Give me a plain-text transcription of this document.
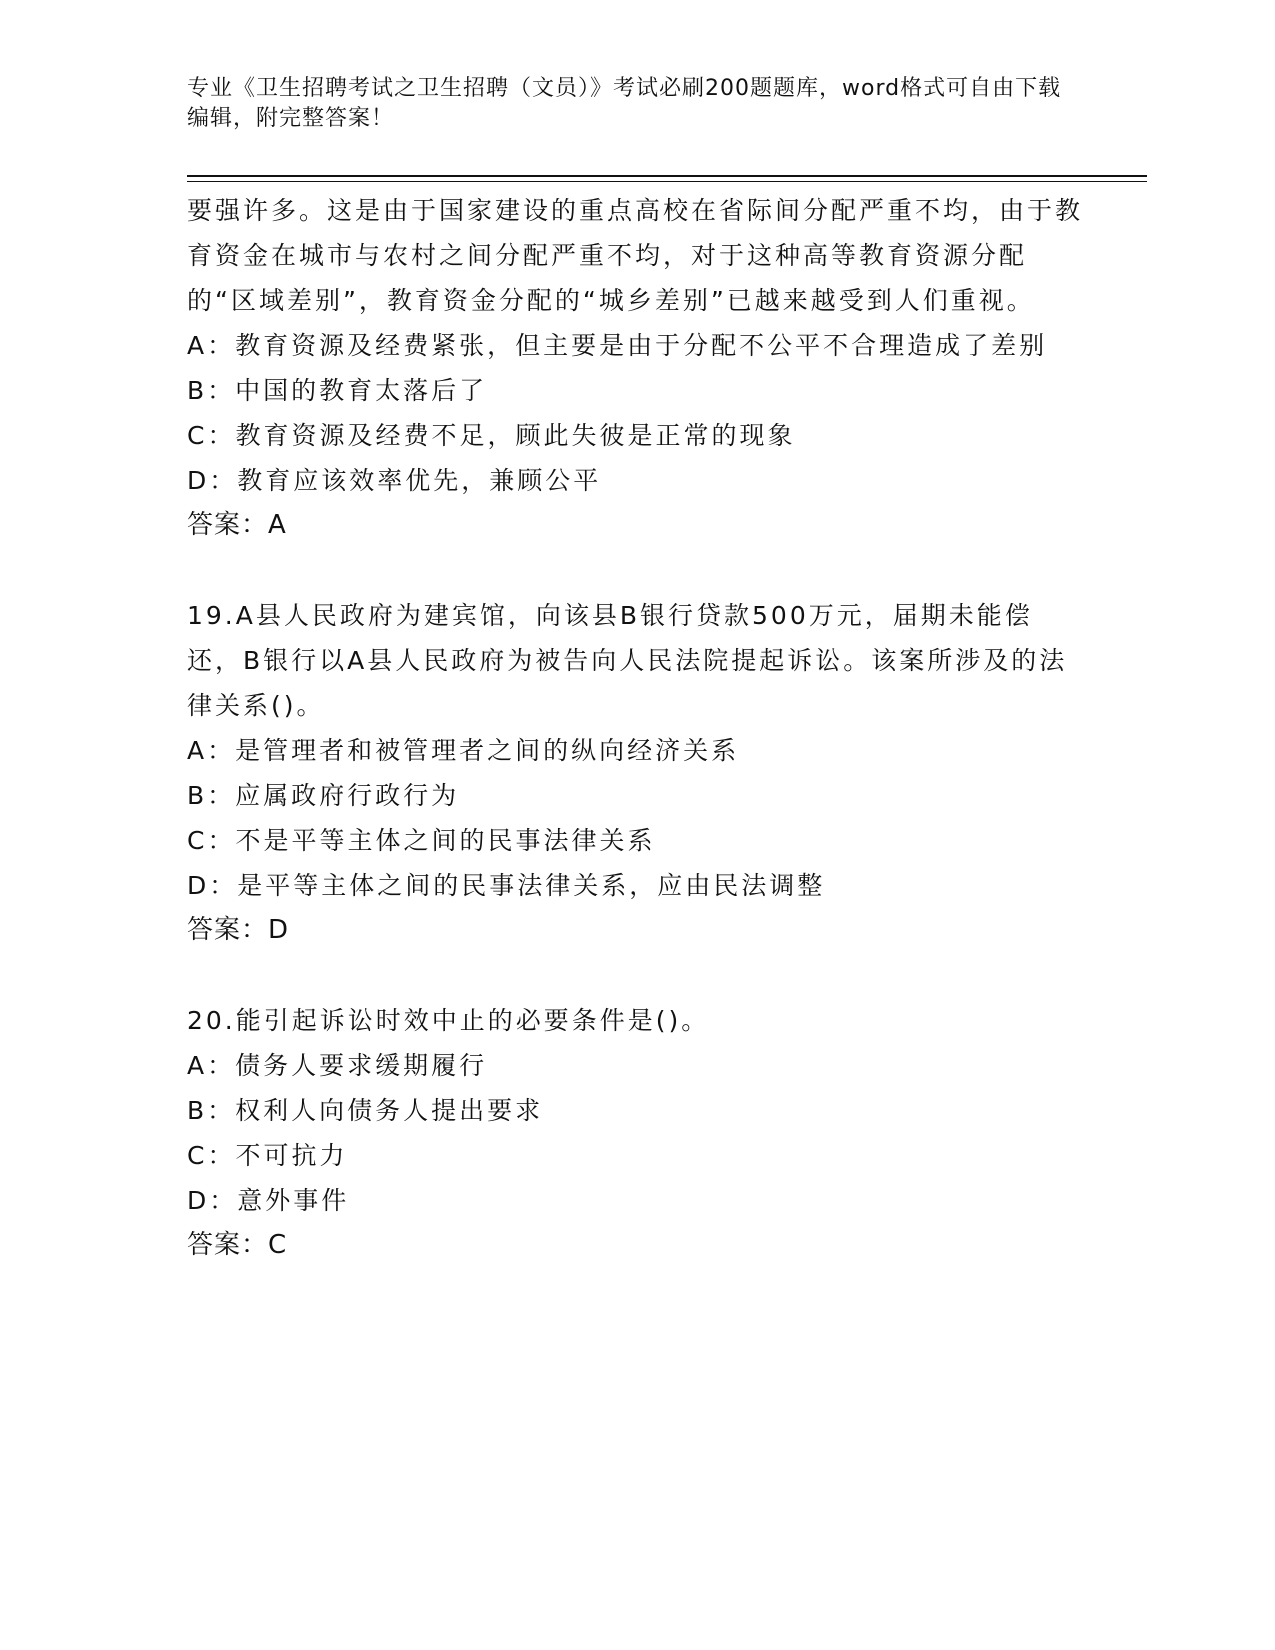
专业《卫生招聘考试之卫生招聘（文员）》考试必刷200题题库，word格式可自由下载编辑，附完整答案！

要强许多。这是由于国家建设的重点高校在省际间分配严重不均，由于教育资金在城市与农村之间分配严重不均，对于这种高等教育资源分配的“区域差别”，教育资金分配的“城乡差别”已越来越受到人们重视。

A：教育资源及经费紧张，但主要是由于分配不公平不合理造成了差别

B：中国的教育太落后了

C：教育资源及经费不足，顾此失彼是正常的现象

D：教育应该效率优先，兼顾公平

答案：A

19.A县人民政府为建宾馆，向该县B银行贷款500万元，届期未能偿还，B银行以A县人民政府为被告向人民法院提起诉讼。该案所涉及的法律关系()。

A：是管理者和被管理者之间的纵向经济关系

B：应属政府行政行为

C：不是平等主体之间的民事法律关系

D：是平等主体之间的民事法律关系，应由民法调整

答案：D

20.能引起诉讼时效中止的必要条件是()。

A：债务人要求缓期履行

B：权利人向债务人提出要求

C：不可抗力

D：意外事件

答案：C
